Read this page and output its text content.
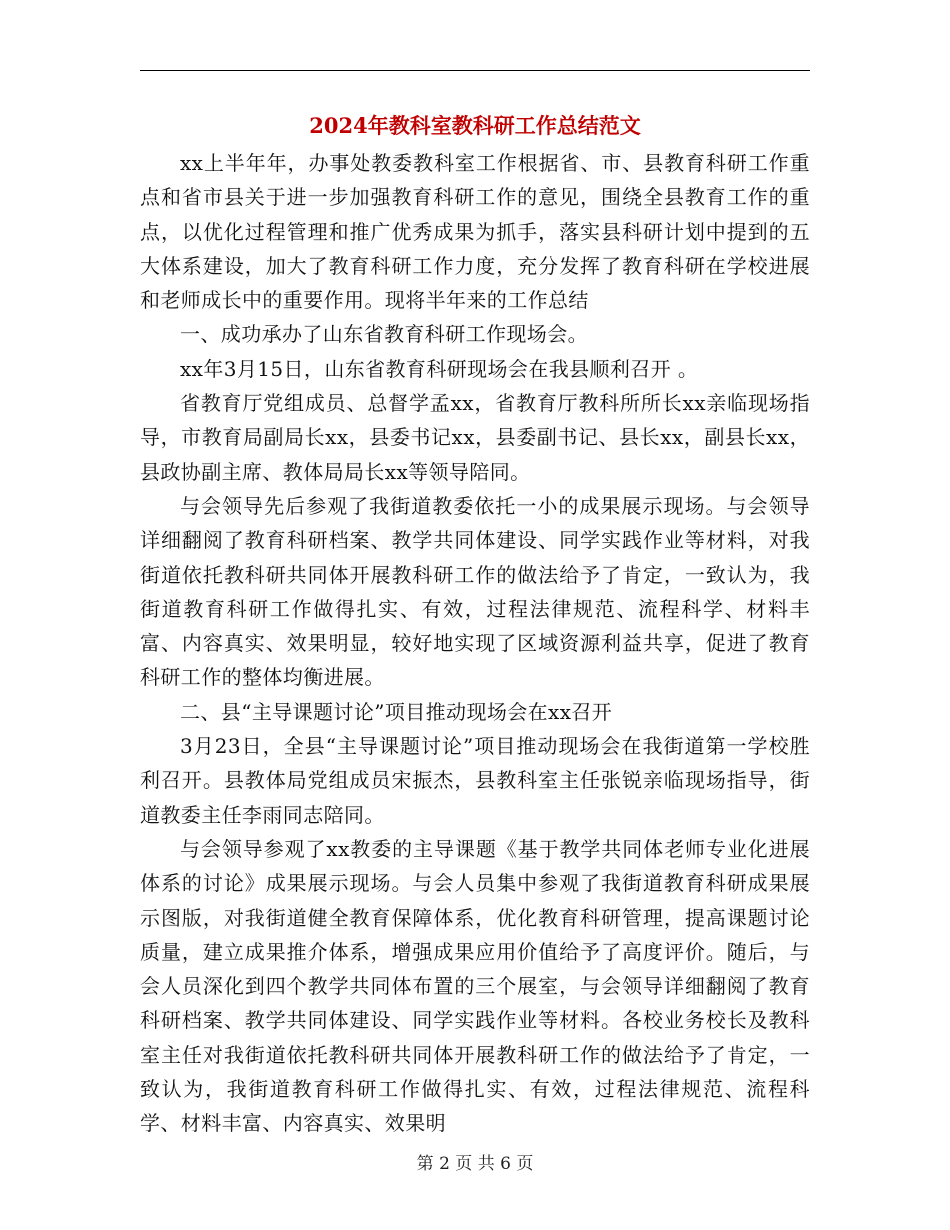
2024年教科室教科研工作总结范文

xx上半年年，办事处教委教科室工作根据省、市、县教育科研工作重点和省市县关于进一步加强教育科研工作的意见，围绕全县教育工作的重点，以优化过程管理和推广优秀成果为抓手，落实县科研计划中提到的五大体系建设，加大了教育科研工作力度，充分发挥了教育科研在学校进展和老师成长中的重要作用。现将半年来的工作总结

一、成功承办了山东省教育科研工作现场会。

xx年3月15日，山东省教育科研现场会在我县顺利召开 。

省教育厅党组成员、总督学孟xx，省教育厅教科所所长xx亲临现场指导，市教育局副局长xx，县委书记xx，县委副书记、县长xx，副县长xx，县政协副主席、教体局局长xx等领导陪同。

与会领导先后参观了我街道教委依托一小的成果展示现场。与会领导详细翻阅了教育科研档案、教学共同体建设、同学实践作业等材料，对我街道依托教科研共同体开展教科研工作的做法给予了肯定，一致认为，我街道教育科研工作做得扎实、有效，过程法律规范、流程科学、材料丰富、内容真实、效果明显，较好地实现了区域资源利益共享，促进了教育科研工作的整体均衡进展。

二、县“主导课题讨论”项目推动现场会在xx召开

3月23日，全县“主导课题讨论”项目推动现场会在我街道第一学校胜利召开。县教体局党组成员宋振杰，县教科室主任张锐亲临现场指导，街道教委主任李雨同志陪同。

与会领导参观了xx教委的主导课题《基于教学共同体老师专业化进展体系的讨论》成果展示现场。与会人员集中参观了我街道教育科研成果展示图版，对我街道健全教育保障体系，优化教育科研管理，提高课题讨论质量，建立成果推介体系，增强成果应用价值给予了高度评价。随后，与会人员深化到四个教学共同体布置的三个展室，与会领导详细翻阅了教育科研档案、教学共同体建设、同学实践作业等材料。各校业务校长及教科室主任对我街道依托教科研共同体开展教科研工作的做法给予了肯定，一致认为，我街道教育科研工作做得扎实、有效，过程法律规范、流程科学、材料丰富、内容真实、效果明

第 2 页 共 6 页
